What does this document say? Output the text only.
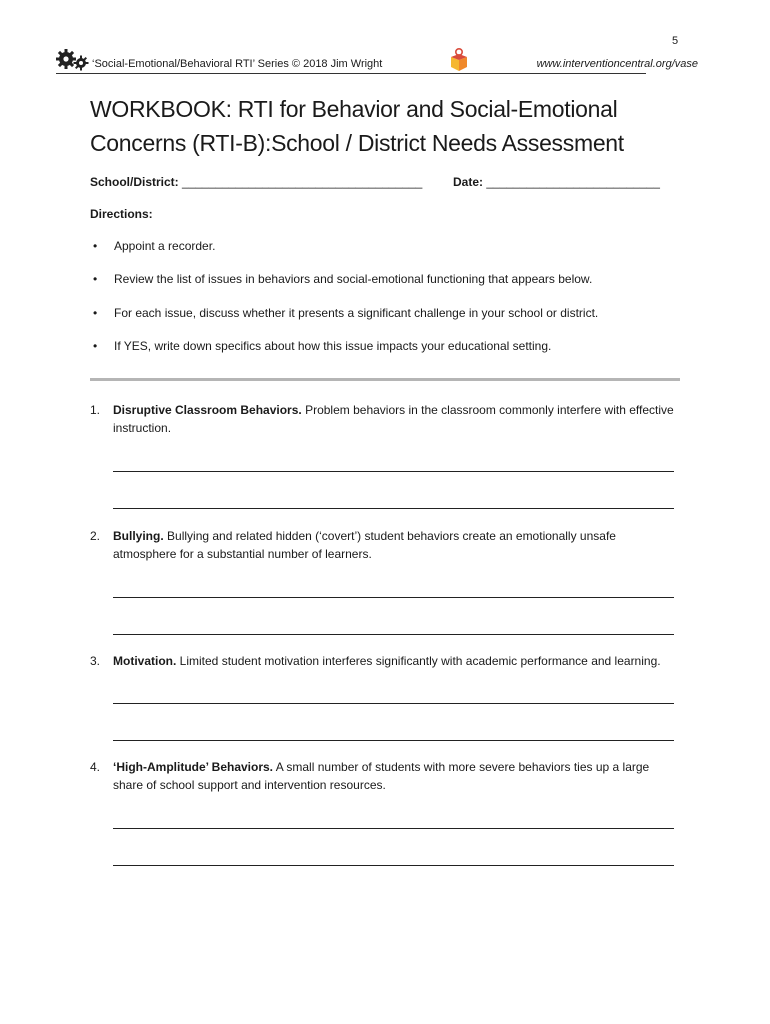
5
‘Social-Emotional/Behavioral RTI’ Series © 2018 Jim Wright	www.interventioncentral.org/vase
WORKBOOK: RTI for Behavior and Social-Emotional Concerns (RTI-B):School / District Needs Assessment
School/District: ____________________________________	Date: __________________________
Directions:
• Appoint a recorder.
• Review the list of issues in behaviors and social-emotional functioning that appears below.
• For each issue, discuss whether it presents a significant challenge in your school or district.
• If YES, write down specifics about how this issue impacts your educational setting.
1. Disruptive Classroom Behaviors. Problem behaviors in the classroom commonly interfere with effective instruction.
2. Bullying. Bullying and related hidden (‘covert’) student behaviors create an emotionally unsafe atmosphere for a substantial number of learners.
3. Motivation. Limited student motivation interferes significantly with academic performance and learning.
4. ‘High-Amplitude’ Behaviors. A small number of students with more severe behaviors ties up a large share of school support and intervention resources.
